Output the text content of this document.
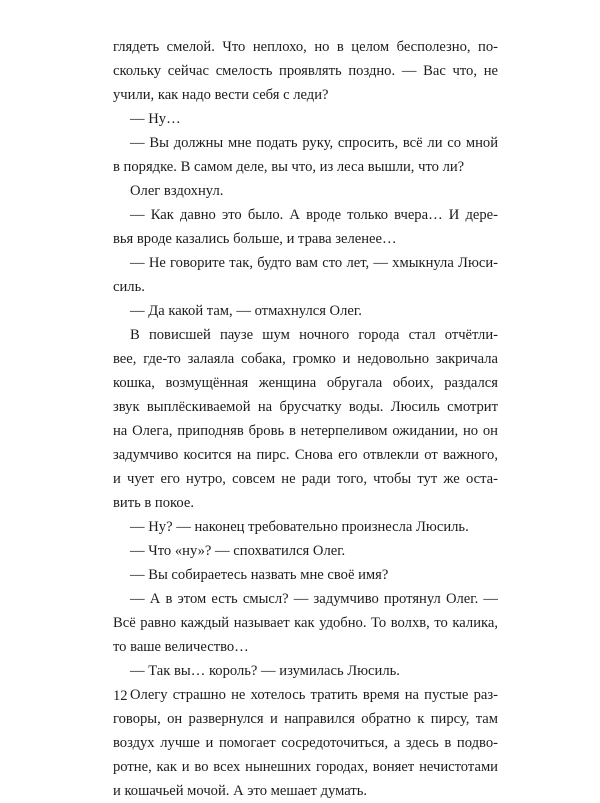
глядеть смелой. Что неплохо, но в целом бесполезно, по-
скольку сейчас смелость проявлять поздно. — Вас что, не
учили, как надо вести себя с леди?
— Ну…
— Вы должны мне подать руку, спросить, всё ли со мной
в порядке. В самом деле, вы что, из леса вышли, что ли?
Олег вздохнул.
— Как давно это было. А вроде только вчера… И дере-
вья вроде казались больше, и трава зеленее…
— Не говорите так, будто вам сто лет, — хмыкнула Люси-
силь.
— Да какой там, — отмахнулся Олег.
В повисшей паузе шум ночного города стал отчётли-
вее, где-то залаяла собака, громко и недовольно закричала
кошка, возмущённая женщина обругала обоих, раздался
звук выплёскиваемой на брусчатку воды. Люсиль смотрит
на Олега, приподняв бровь в нетерпеливом ожидании, но он
задумчиво косится на пирс. Снова его отвлекли от важного,
и чует его нутро, совсем не ради того, чтобы тут же оста-
вить в покое.
— Ну? — наконец требовательно произнесла Люсиль.
— Что «ну»? — спохватился Олег.
— Вы собираетесь назвать мне своё имя?
— А в этом есть смысл? — задумчиво протянул Олег. —
Всё равно каждый называет как удобно. То волхв, то калика,
то ваше величество…
— Так вы… король? — изумилась Люсиль.
Олегу страшно не хотелось тратить время на пустые раз-
говоры, он развернулся и направился обратно к пирсу, там
воздух лучше и помогает сосредоточиться, а здесь в подво-
ротне, как и во всех нынешних городах, воняет нечистотами
и кошачьей мочой. А это мешает думать.
12
